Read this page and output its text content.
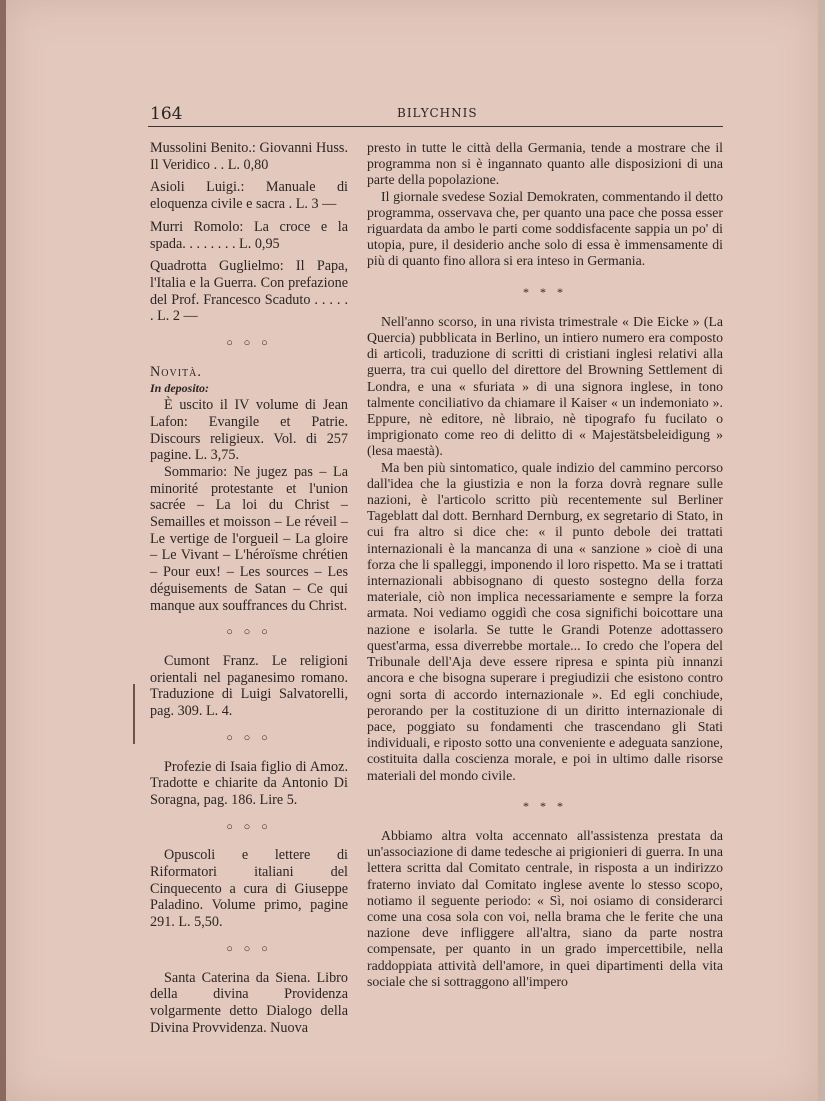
164	BILYCHNIS

Mussolini Benito.: Giovanni Huss. Il Veridico . . L. 0,80

Asioli Luigi.: Manuale di eloquenza civile e sacra . L. 3 —

Murri Romolo: La croce e la spada. . . . . . . . L. 0,95

Quadrotta Guglielmo: Il Papa, l'Italia e la Guerra. Con prefazione del Prof. Francesco Scaduto . . . . . . L. 2 —

○ ○ ○

Novità.

In deposito:

È uscito il IV volume di Jean Lafon: Evangile et Patrie. Discours religieux. Vol. di 257 pagine. L. 3,75.

Sommario: Ne jugez pas – La minorité protestante et l'union sacrée – La loi du Christ – Semailles et moisson – Le réveil – Le vertige de l'orgueil – La gloire – Le Vivant – L'héroïsme chrétien – Pour eux! – Les sources – Les déguisements de Satan – Ce qui manque aux souffrances du Christ.

○ ○ ○

Cumont Franz. Le religioni orientali nel paganesimo romano. Traduzione di Luigi Salvatorelli, pag. 309. L. 4.

○ ○ ○

Profezie di Isaia figlio di Amoz. Tradotte e chiarite da Antonio Di Soragna, pag. 186. Lire 5.

○ ○ ○

Opuscoli e lettere di Riformatori italiani del Cinquecento a cura di Giuseppe Paladino. Volume primo, pagine 291. L. 5,50.

○ ○ ○

Santa Caterina da Siena. Libro della divina Providenza volgarmente detto Dialogo della Divina Provvidenza. Nuova

presto in tutte le città della Germania, tende a mostrare che il programma non si è ingannato quanto alle disposizioni di una parte della popolazione.

Il giornale svedese Sozial Demokraten, commentando il detto programma, osservava che, per quanto una pace che possa esser riguardata da ambo le parti come soddisfacente sappia un po' di utopia, pure, il desiderio anche solo di essa è immensamente di più di quanto fino allora si era inteso in Germania.

* * *

Nell'anno scorso, in una rivista trimestrale « Die Eicke » (La Quercia) pubblicata in Berlino, un intiero numero era composto di articoli, traduzione di scritti di cristiani inglesi relativi alla guerra, tra cui quello del direttore del Browning Settlement di Londra, e una « sfuriata » di una signora inglese, in tono talmente conciliativo da chiamare il Kaiser « un indemoniato ». Eppure, nè editore, nè libraio, nè tipografo fu fucilato o imprigionato come reo di delitto di « Majestätsbeleidigung » (lesa maestà).

Ma ben più sintomatico, quale indizio del cammino percorso dall'idea che la giustizia e non la forza dovrà regnare sulle nazioni, è l'articolo scritto più recentemente sul Berliner Tageblatt dal dott. Bernhard Dernburg, ex segretario di Stato, in cui fra altro si dice che: « il punto debole dei trattati internazionali è la mancanza di una « sanzione » cioè di una forza che li spalleggi, imponendo il loro rispetto. Ma se i trattati internazionali abbisognano di questo sostegno della forza materiale, ciò non implica necessariamente e sempre la forza armata. Noi vediamo oggidì che cosa significhi boicottare una nazione e isolarla. Se tutte le Grandi Potenze adottassero quest'arma, essa diverrebbe mortale... Io credo che l'opera del Tribunale dell'Aja deve essere ripresa e spinta più innanzi ancora e che bisogna superare i pregiudizii che esistono contro ogni sorta di accordo internazionale ». Ed egli conchiude, perorando per la costituzione di un diritto internazionale di pace, poggiato su fondamenti che trascendano gli Stati individuali, e riposto sotto una conveniente e adeguata sanzione, costituita dalla coscienza morale, e poi in ultimo dalle risorse materiali del mondo civile.

* * *

Abbiamo altra volta accennato all'assistenza prestata da un'associazione di dame tedesche ai prigionieri di guerra. In una lettera scritta dal Comitato centrale, in risposta a un indirizzo fraterno inviato dal Comitato inglese avente lo stesso scopo, notiamo il seguente periodo: « Sì, noi osiamo di considerarci come una cosa sola con voi, nella brama che le ferite che una nazione deve infliggere all'altra, siano da parte nostra compensate, per quanto in un grado impercettibile, nella raddoppiata attività dell'amore, in quei dipartimenti della vita sociale che si sottraggono all'impero
